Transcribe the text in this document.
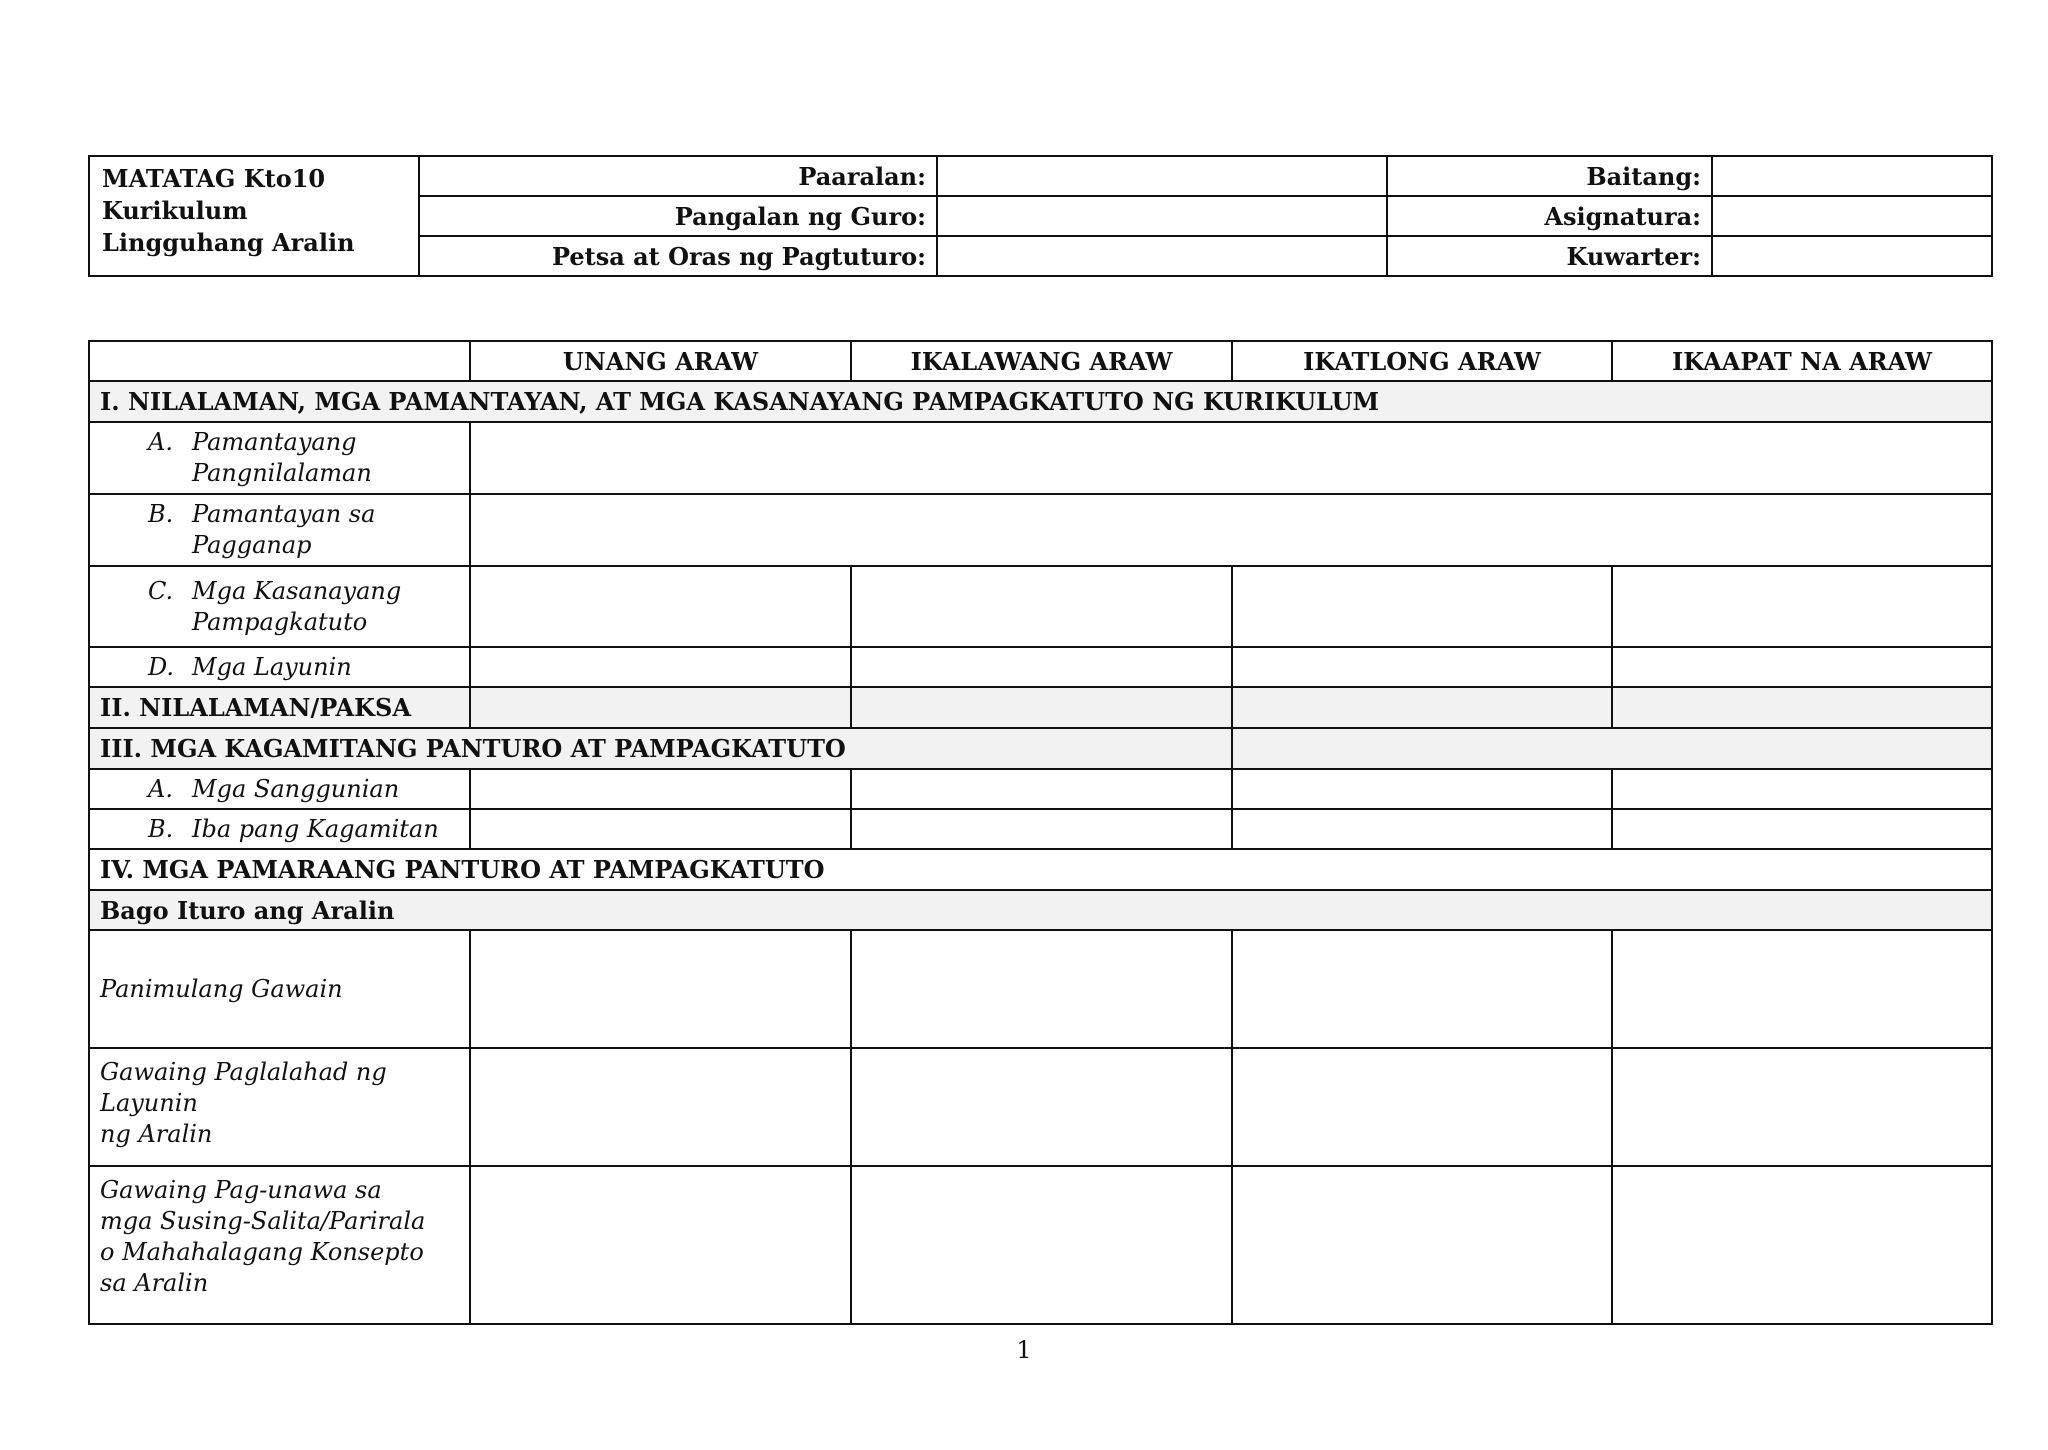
MATATAG Kto10
Kurikulum
Lingguhang Aralin	Paaralan:		Baitang:	
	Pangalan ng Guro:		Asignatura:	
	Petsa at Oras ng Pagtuturo:		Kuwarter:	
	UNANG ARAW	IKALAWANG ARAW	IKATLONG ARAW	IKAAPAT NA ARAW
I. NILALAMAN, MGA PAMANTAYAN, AT MGA KASANAYANG PAMPAGKATUTO NG KURIKULUM				

A. Pamantayang
Pangnilalaman				

B. Pamantayan sa
Pagganap				

C. Mga Kasanayang
Pampagkatuto				

D. Mga Layunin				

II. NILALAMAN/PAKSA				
III. MGA KAGAMITANG PANTURO AT PAMPAGKATUTO				

A. Mga Sanggunian				

B. Iba pang Kagamitan				

IV. MGA PAMARAANG PANTURO AT PAMPAGKATUTO				
Bago Ituro ang Aralin				
Panimulang Gawain				

Gawaing Paglalahad ng
Layunin
ng Aralin				

Gawaing Pag-unawa sa
mga Susing-Salita/Parirala
o Mahahalagang Konsepto
sa Aralin				

1
